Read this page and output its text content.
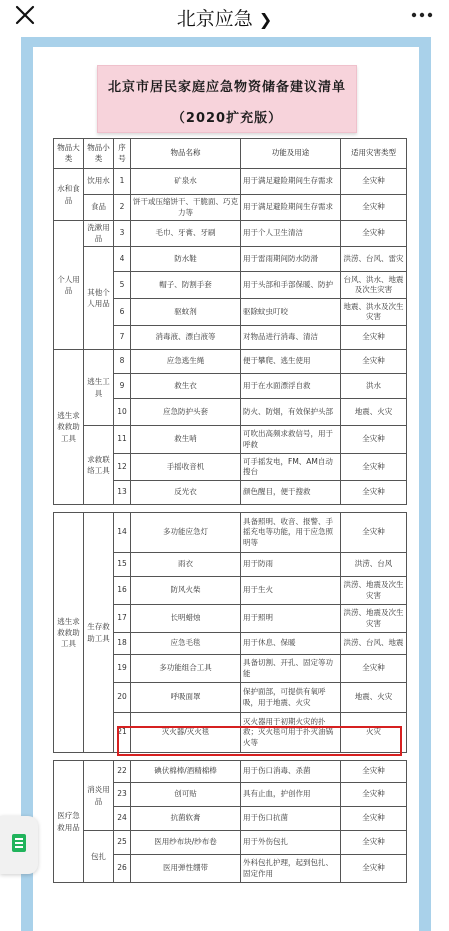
北京应急 ❯
北京市居民家庭应急物资储备建议清单
（2020扩充版）
物品大类	物品小类	序号	物品名称	功能及用途	适用灾害类型
水和食品	饮用水	1	矿泉水	用于满足避险期间生存需求	全灾种
	食品	2	饼干或压缩饼干、干脆面、巧克力等	用于满足避险期间生存需求	全灾种
个人用品	洗漱用品	3	毛巾、牙膏、牙刷	用于个人卫生清洁	全灾种
	其他个人用品	4	防水鞋	用于雷雨期间防水防滑	洪涝、台风、雷灾
		5	帽子、防割手套	用于头部和手部保暖、防护	台风、洪水、地震及次生灾害
		6	驱蚊剂	驱除蚊虫叮咬	地震、洪水及次生灾害
		7	消毒液、漂白液等	对物品进行消毒、清洁	全灾种
逃生求救救助工具	逃生工具	8	应急逃生绳	便于攀爬、逃生使用	全灾种
		9	救生衣	用于在水面漂浮自救	洪水
		10	应急防护头套	防火、防烟，有效保护头部	地震、火灾
	求救联络工具	11	救生哨	可吹出高频求救信号，用于呼救	全灾种
		12	手摇收音机	可手摇发电，FM、AM自动搜台	全灾种
		13	反光衣	颜色醒目，便于搜救	全灾种

逃生求救救助工具	生存救助工具	14	多功能应急灯	具备照明、收音、报警、手摇充电等功能，用于应急照明等	全灾种
		15	雨衣	用于防雨	洪涝、台风
		16	防风火柴	用于生火	洪涝、地震及次生灾害
		17	长明蜡烛	用于照明	洪涝、地震及次生灾害
		18	应急毛毯	用于休息、保暖	洪涝、台风、地震
		19	多功能组合工具	具备切割、开孔、固定等功能	全灾种
		20	呼吸面罩	保护面部，可提供有氧呼吸，用于地震、火灾	地震、火灾
		21	灭火器/灭火毯	灭火器用于初期火灾的扑救；灭火毯可用于扑灭油锅火等	火灾

医疗急救用品	消炎用品	22	碘伏棉棒/酒精棉棒	用于伤口消毒、杀菌	全灾种
		23	创可贴	具有止血，护创作用	全灾种
		24	抗菌软膏	用于伤口抗菌	全灾种
	包扎	25	医用纱布块/纱布卷	用于外伤包扎	全灾种
		26	医用弹性绷带	外科包扎护理，起到包扎、固定作用	全灾种
